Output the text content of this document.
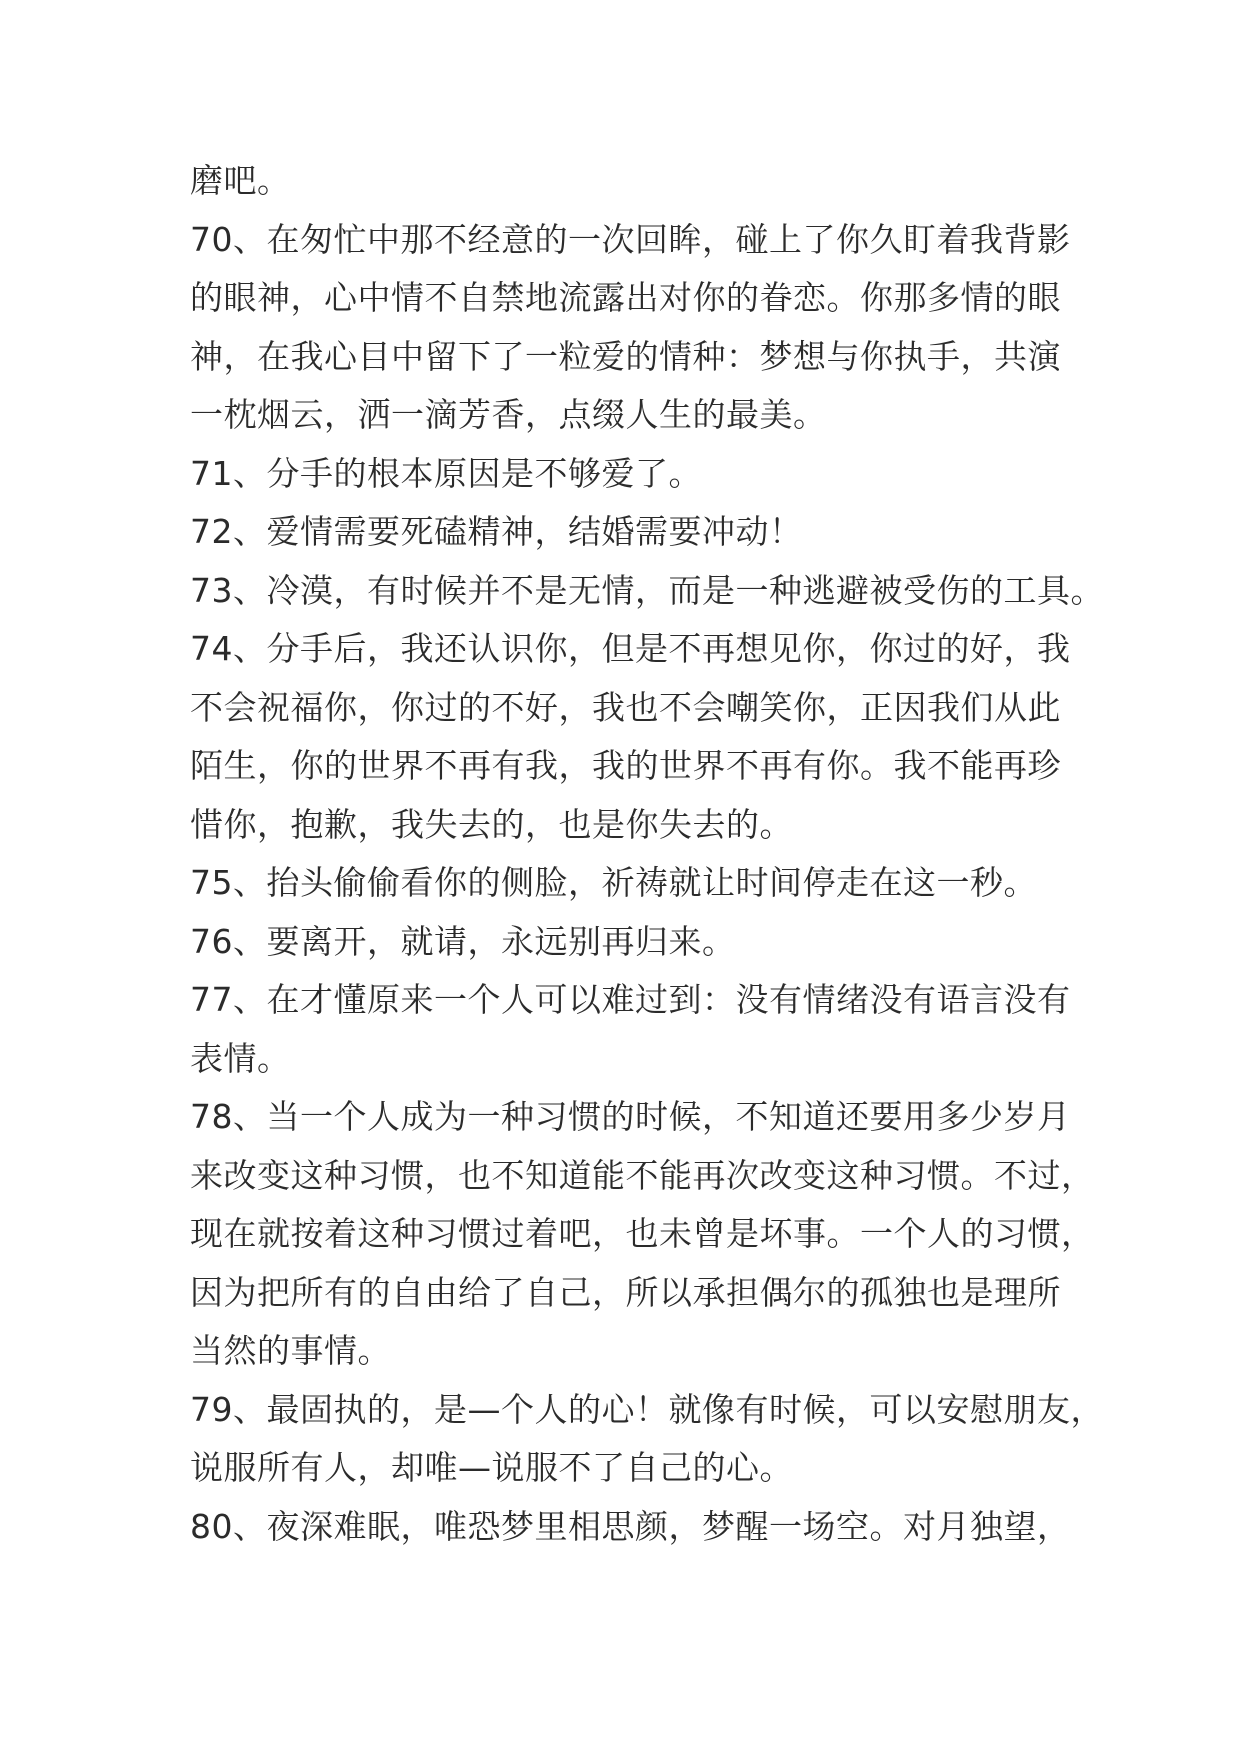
磨吧。
70、在匆忙中那不经意的一次回眸，碰上了你久盯着我背影
的眼神，心中情不自禁地流露出对你的眷恋。你那多情的眼
神，在我心目中留下了一粒爱的情种：梦想与你执手，共演
一枕烟云，洒一滴芳香，点缀人生的最美。
71、分手的根本原因是不够爱了。
72、爱情需要死磕精神，结婚需要冲动！
73、冷漠，有时候并不是无情，而是一种逃避被受伤的工具。
74、分手后，我还认识你，但是不再想见你，你过的好，我
不会祝福你，你过的不好，我也不会嘲笑你，正因我们从此
陌生，你的世界不再有我，我的世界不再有你。我不能再珍
惜你，抱歉，我失去的，也是你失去的。
75、抬头偷偷看你的侧脸，祈祷就让时间停走在这一秒。
76、要离开，就请，永远别再归来。
77、在才懂原来一个人可以难过到：没有情绪没有语言没有
表情。
78、当一个人成为一种习惯的时候，不知道还要用多少岁月
来改变这种习惯，也不知道能不能再次改变这种习惯。不过，
现在就按着这种习惯过着吧，也未曾是坏事。一个人的习惯，
因为把所有的自由给了自己，所以承担偶尔的孤独也是理所
当然的事情。
79、最固执的，是—个人的心！就像有时候，可以安慰朋友，
说服所有人，却唯—说服不了自己的心。
80、夜深难眠，唯恐梦里相思颜，梦醒一场空。对月独望，
